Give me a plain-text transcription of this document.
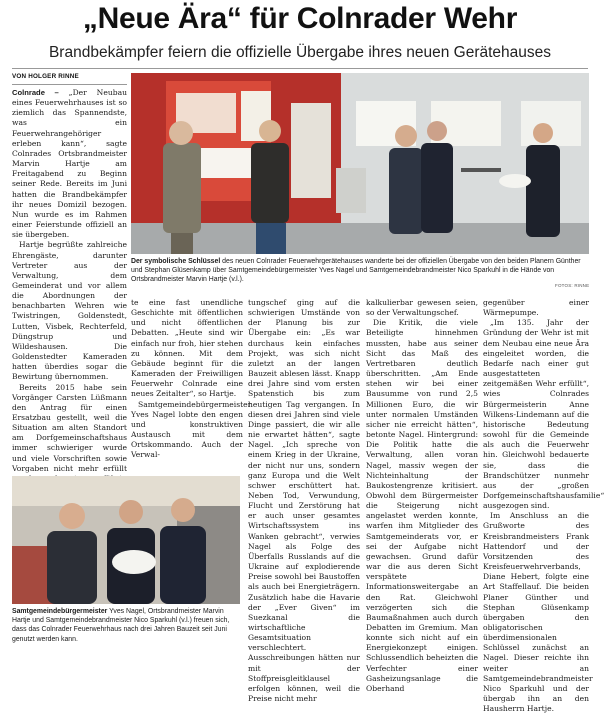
„Neue Ära“ für Colnrader Wehr
Brandbekämpfer feiern die offizielle Übergabe ihres neuen Gerätehauses
VON HOLGER RINNE

Colnrade – „Der Neubau eines Feuerwehrhauses ist so ziemlich das Spannendste, was ein Feuerwehrangehöriger erleben kann“, sagte Colnrades Ortsbrandmeister Marvin Hartje am Freitagabend zu Beginn seiner Rede. Bereits im Juni hatten die Brandbekämpfer ihr neues Domizil bezogen. Nun wurde es im Rahmen einer Feierstunde offiziell an sie übergeben.

Hartje begrüßte zahlreiche Ehrengäste, darunter Vertreter aus der Verwaltung, dem Gemeinderat und vor allem die Abordnungen der benachbarten Wehren wie Twistringen, Goldenstedt, Lutten, Visbek, Rechterfeld, Düngstrup und Wildeshausen. Die Goldenstedter Kameraden hatten überdies sogar die Bewirtung übernommen.

Bereits 2015 habe sein Vorgänger Carsten Lüßmann den Antrag für einen Ersatzbau gestellt, weil die Situation am alten Standort am Dorfgemeinschaftshaus immer schwieriger wurde und viele Vorschriften sowie Vorgaben nicht mehr erfüllt

Der symbolische Schlüssel des neuen Colnrader Feuerwehrgerätehauses wanderte bei der offiziellen Übergabe von den beiden Planern Günther und Stephan Glüsenkamp über Samtgemeindebürgermeister Yves Nagel und Samtgemeindebrandmeister Nico Sparkuhl in die Hände von Ortsbrandmeister Marvin Hartje (v.l.).
FOTOS: RINNE

te eine fast unendliche Geschichte mit öffentlichen und nicht öffentlichen Debatten. „Heute sind wir einfach nur froh, hier stehen zu können. Mit dem Gebäude beginnt für die Kameraden der Freiwilligen Feuerwehr Colnrade eine neues Zeitalter“, so Hartje.

Samtgemeindebürgermeister Yves Nagel lobte den engen und konstruktiven Austausch mit dem Ortskommando. Auch der Verwal-

tungschef ging auf die schwierigen Umstände von der Planung bis zur Übergabe ein: „Es war durchaus kein einfaches Projekt, was sich nicht zuletzt an der langen Bauzeit ablesen lässt. Knapp drei Jahre sind vom ersten Spatenstich bis zum heutigen Tag vergangen. In diesen drei Jahren sind viele Dinge passiert, die wir alle nie erwartet hätten“, sagte Nagel. „Ich spreche von einem Krieg in der Ukraine, der nicht nur uns, sondern ganz Europa und die Welt schwer erschüttert hat. Neben Tod, Verwundung, Flucht und Zerstörung hat er auch unser gesamtes Wirtschaftssystem ins Wanken gebracht“, verwies Nagel als Folge des Überfalls Russlands auf die Ukraine auf explodierende Preise sowohl bei Baustoffen als auch bei Energieträgern. Zusätzlich habe die Havarie der „Ever Given“ im Suezkanal die wirtschaftliche Gesamtsituation verschlechtert. Ausschreibungen hätten nur mit der Stoffpreisgleitklausel erfolgen können, weil die Preise nicht mehr

kalkulierbar gewesen seien, so der Verwaltungschef.

Die Kritik, die viele Beteiligte hinnehmen mussten, habe aus seiner Sicht das Maß des Vertretbaren deutlich überschritten. „Am Ende stehen wir bei einer Bausumme von rund 2,5 Millionen Euro, die wir unter normalen Umständen sicher nie erreicht hätten“, betonte Nagel. Hintergrund: Die Politik hatte die Verwaltung, allen voran Nagel, massiv wegen der Nichteinhaltung der Baukostengrenze kritisiert. Obwohl dem Bürgermeister die Steigerung nicht angelastet werden konnte, warfen ihm Mitglieder des Samtgemeinderats vor, er sei der Aufgabe nicht gewachsen. Grund dafür war die aus deren Sicht verspätete Informationsweitergabe an den Rat. Gleichwohl verzögerten sich die Baumaßnahmen auch durch Debatten im Gremium. Man konnte sich nicht auf ein Energiekonzept einigen. Schlussendlich beheizten die Verfechter einer Gasheizungsanlage die Oberhand

gegenüber einer Wärmepumpe.

„Im 135. Jahr der Gründung der Wehr ist mit dem Neubau eine neue Ära eingeleitet worden, die Bedarfe nach einer gut ausgestatteten zeitgemäßen Wehr erfüllt“, wies Colnrades Bürgermeisterin Anne Wilkens-Lindemann auf die historische Bedeutung sowohl für die Gemeinde als auch die Feuerwehr hin. Gleichwohl bedauerte sie, dass die Brandschützer nunmehr aus der „großen Dorfgemeinschaftshausfamilie“ ausgezogen sind.

Im Anschluss an die Grußworte des Kreisbrandmeisters Frank Hattendorf und der Vorsitzenden des Kreisfeuerwehrverbands, Diane Hebert, folgte eine Art Staffellauf. Die beiden Planer Günther und Stephan Glüsenkamp übergaben den obligatorischen überdimensionalen Schlüssel zunächst an Nagel. Dieser reichte ihn weiter an Samtgemeindebrandmeister Nico Sparkuhl und der übergab ihn an den Hausherrn Hartje.

Samtgemeindebürgermeister Yves Nagel, Ortsbrandmeister Marvin Hartje und Samtgemeindebrandmeister Nico Sparkuhl (v.l.) freuen sich, dass das Colnrader Feuerwehrhaus nach drei Jahren Bauzeit seit Juni genutzt werden kann.
